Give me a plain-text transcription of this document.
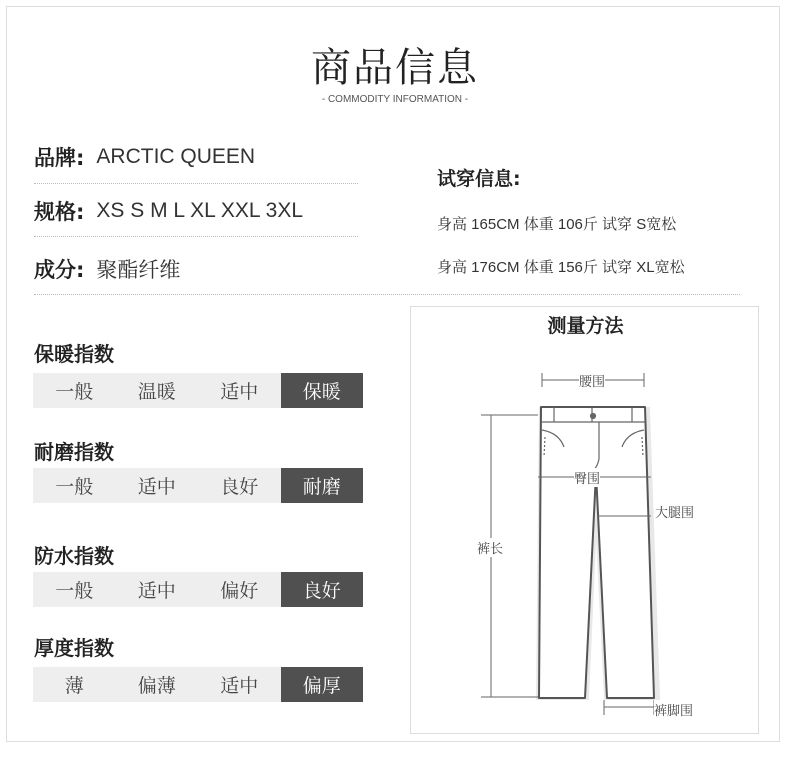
商品信息
- COMMODITY INFORMATION -
品牌: ARCTIC QUEEN
规格: XS S M L XL XXL 3XL
成分: 聚酯纤维
试穿信息:
身高 165CM 体重 106斤 试穿 S宽松
身高 176CM 体重 156斤 试穿 XL宽松
保暖指数
一般	温暖	适中	保暖
耐磨指数
一般	适中	良好	耐磨
防水指数
一般	适中	偏好	良好
厚度指数
薄	偏薄	适中	偏厚
测量方法
腰围
臀围
大腿围
裤长
裤脚围
